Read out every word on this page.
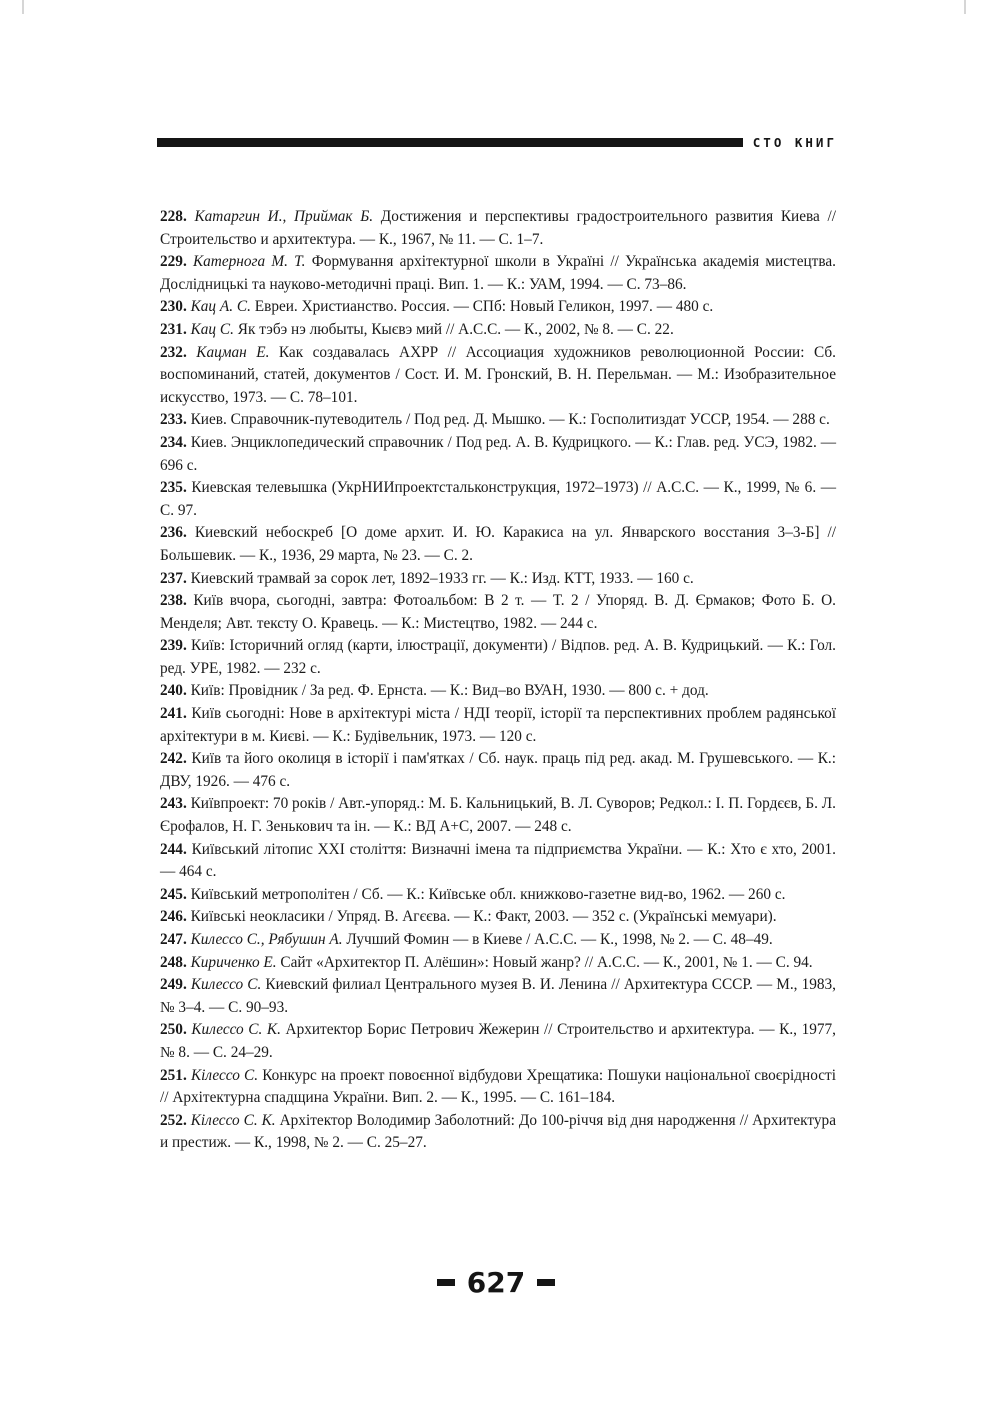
СТО КНИГ

228. Катаргин И., Приймак Б. Достижения и перспективы градостроительного развития Киева // Строительство и архитектура. — К., 1967, № 11. — С. 1–7.

229. Катернога М. Т. Формування архітектурної школи в Україні // Українська академія мистецтва. Дослідницькі та науково-методичні праці. Вип. 1. — К.: УАМ, 1994. — С. 73–86.

230. Кац А. С. Евреи. Христианство. Россия. — СПб: Новый Геликон, 1997. — 480 с.

231. Кац С. Як тэбэ нэ любыты, Кыєвэ мий // А.С.С. — К., 2002, № 8. — С. 22.

232. Кацман Е. Как создавалась АХРР // Ассоциация художников революционной России: Сб. воспоминаний, статей, документов / Сост. И. М. Гронский, В. Н. Перельман. — М.: Изобразительное искусство, 1973. — С. 78–101.

233. Киев. Справочник-путеводитель / Под ред. Д. Мышко. — К.: Госполитиздат УССР, 1954. — 288 с.

234. Киев. Энциклопедический справочник / Под ред. А. В. Кудрицкого. — К.: Глав. ред. УСЭ, 1982. — 696 с.

235. Киевская телевышка (УкрНИИпроектстальконструкция, 1972–1973) // А.С.С. — К., 1999, № 6. — С. 97.

236. Киевский небоскреб [О доме архит. И. Ю. Каракиса на ул. Январского восстания 3–3-Б] // Большевик. — К., 1936, 29 марта, № 23. — С. 2.

237. Киевский трамвай за сорок лет, 1892–1933 гг. — К.: Изд. КТТ, 1933. — 160 с.

238. Київ вчора, сьогодні, завтра: Фотоальбом: В 2 т. — Т. 2 / Упоряд. В. Д. Єрмаков; Фото Б. О. Менделя; Авт. тексту О. Кравець. — К.: Мистецтво, 1982. — 244 с.

239. Київ: Історичний огляд (карти, ілюстрації, документи) / Відпов. ред. А. В. Кудрицький. — К.: Гол. ред. УРЕ, 1982. — 232 с.

240. Київ: Провідник / За ред. Ф. Ернста. — К.: Вид–во ВУАН, 1930. — 800 с. + дод.

241. Київ сьогодні: Нове в архітектурі міста / НДІ теорії, історії та перспективних проблем радянської архітектури в м. Києві. — К.: Будівельник, 1973. — 120 с.

242. Київ та його околиця в історії і пам'ятках / Сб. наук. праць під ред. акад. М. Грушевського. — К.: ДВУ, 1926. — 476 с.

243. Київпроект: 70 років / Авт.-упоряд.: М. Б. Кальницький, В. Л. Суворов; Редкол.: І. П. Гордєєв, Б. Л. Єрофалов, Н. Г. Зенькович та ін. — К.: ВД А+С, 2007. — 248 с.

244. Київський літопис XXI століття: Визначні імена та підприємства України. — К.: Хто є хто, 2001. — 464 с.

245. Київський метрополітен / Сб. — К.: Київське обл. книжково-газетне вид-во, 1962. — 260 с.

246. Київські неокласики / Упряд. В. Агєєва. — К.: Факт, 2003. — 352 с. (Українські мемуари).

247. Килессо С., Рябушин А. Лучший Фомин — в Киеве / А.С.С. — К., 1998, № 2. — С. 48–49.

248. Кириченко Е. Сайт «Архитектор П. Алёшин»: Новый жанр? // А.С.С. — К., 2001, № 1. — С. 94.

249. Килессо С. Киевский филиал Центрального музея В. И. Ленина // Архитектура СССР. — М., 1983, № 3–4. — С. 90–93.

250. Килессо С. К. Архитектор Борис Петрович Жежерин // Строительство и архитектура. — К., 1977, № 8. — С. 24–29.

251. Кілессо С. Конкурс на проект повоєнної відбудови Хрещатика: Пошуки національної своєрідності // Архітектурна спадщина України. Вип. 2. — К., 1995. — С. 161–184.

252. Кілессо С. К. Архітектор Володимир Заболотний: До 100-річчя від дня народження // Архитектура и престиж. — К., 1998, № 2. — С. 25–27.

627
